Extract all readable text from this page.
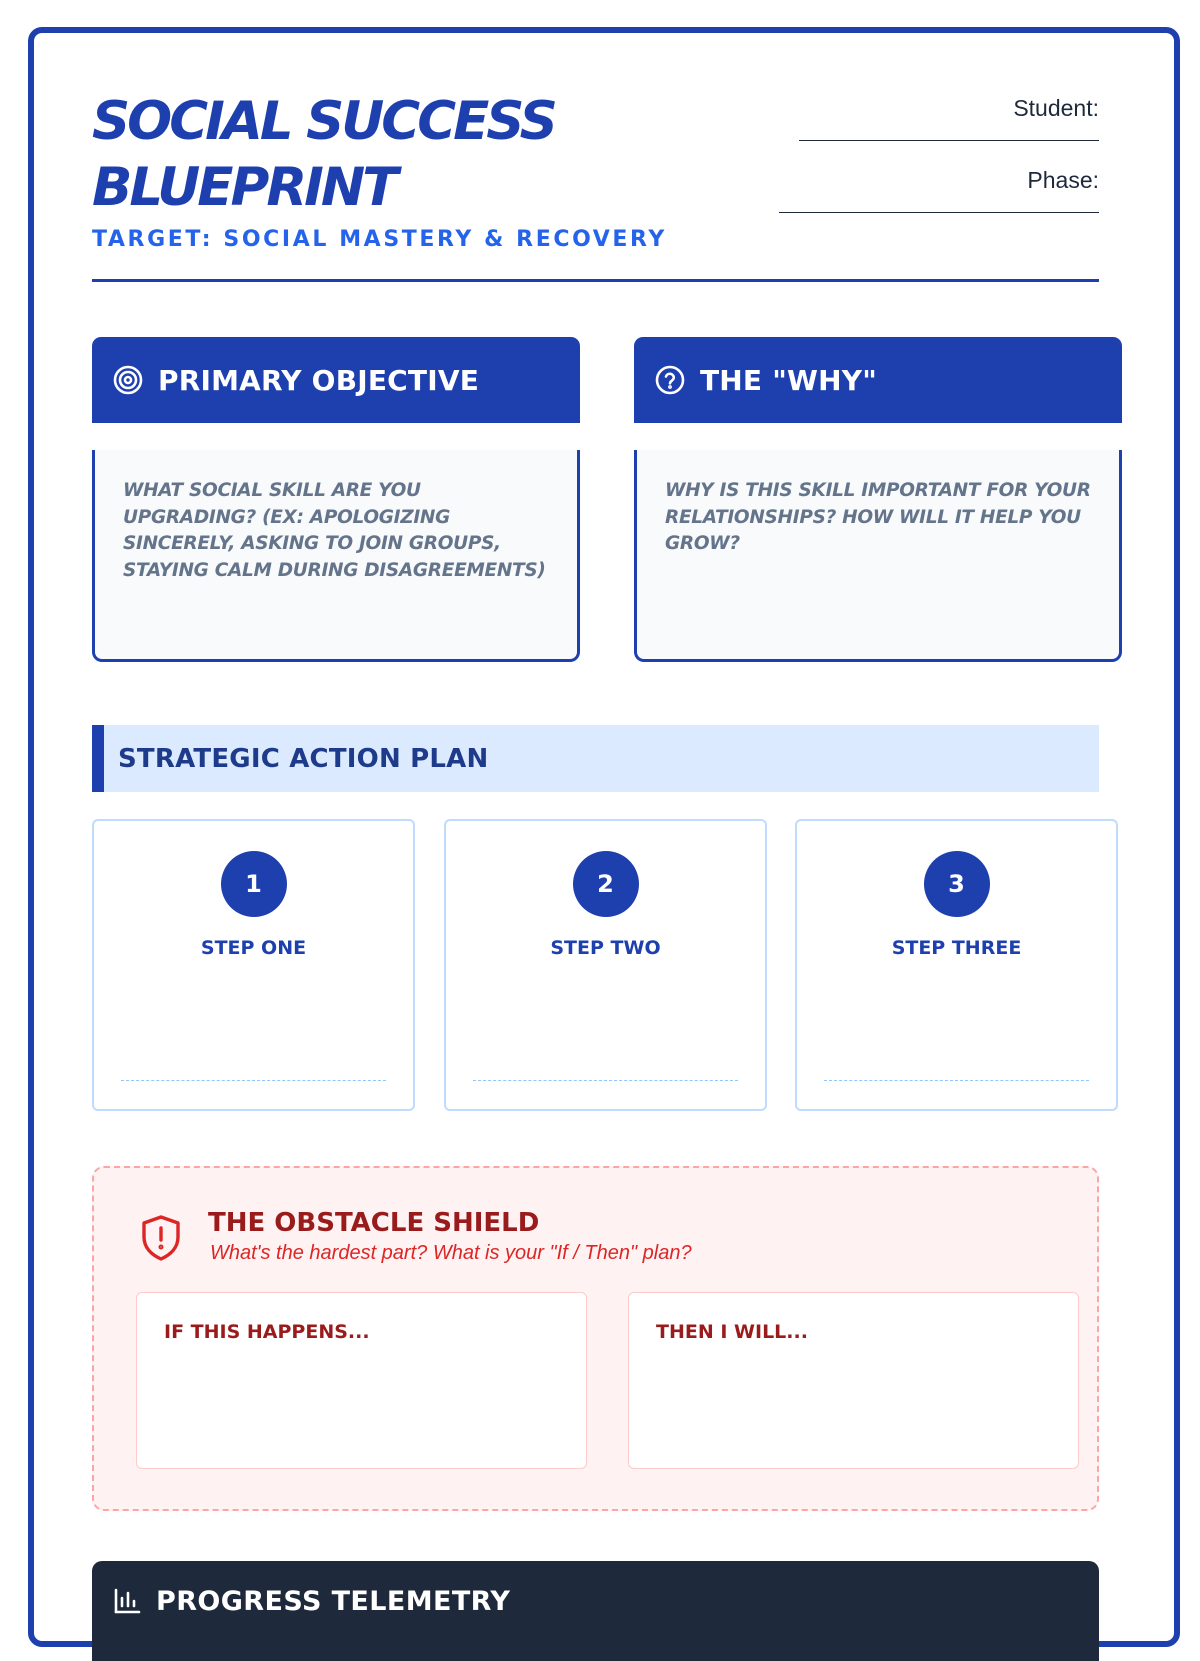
SOCIAL SUCCESS
BLUEPRINT
TARGET: SOCIAL MASTERY & RECOVERY
Student:
Phase:
PRIMARY OBJECTIVE

WHAT SOCIAL SKILL ARE YOU UPGRADING? (EX: APOLOGIZING SINCERELY, ASKING TO JOIN GROUPS, STAYING CALM DURING DISAGREEMENTS)

THE "WHY"

WHY IS THIS SKILL IMPORTANT FOR YOUR RELATIONSHIPS? HOW WILL IT HELP YOU GROW?

STRATEGIC ACTION PLAN
1
STEP ONE
2
STEP TWO
3
STEP THREE
THE OBSTACLE SHIELD
What's the hardest part? What is your "If / Then" plan?
IF THIS HAPPENS...	THEN I WILL...
PROGRESS TELEMETRY
